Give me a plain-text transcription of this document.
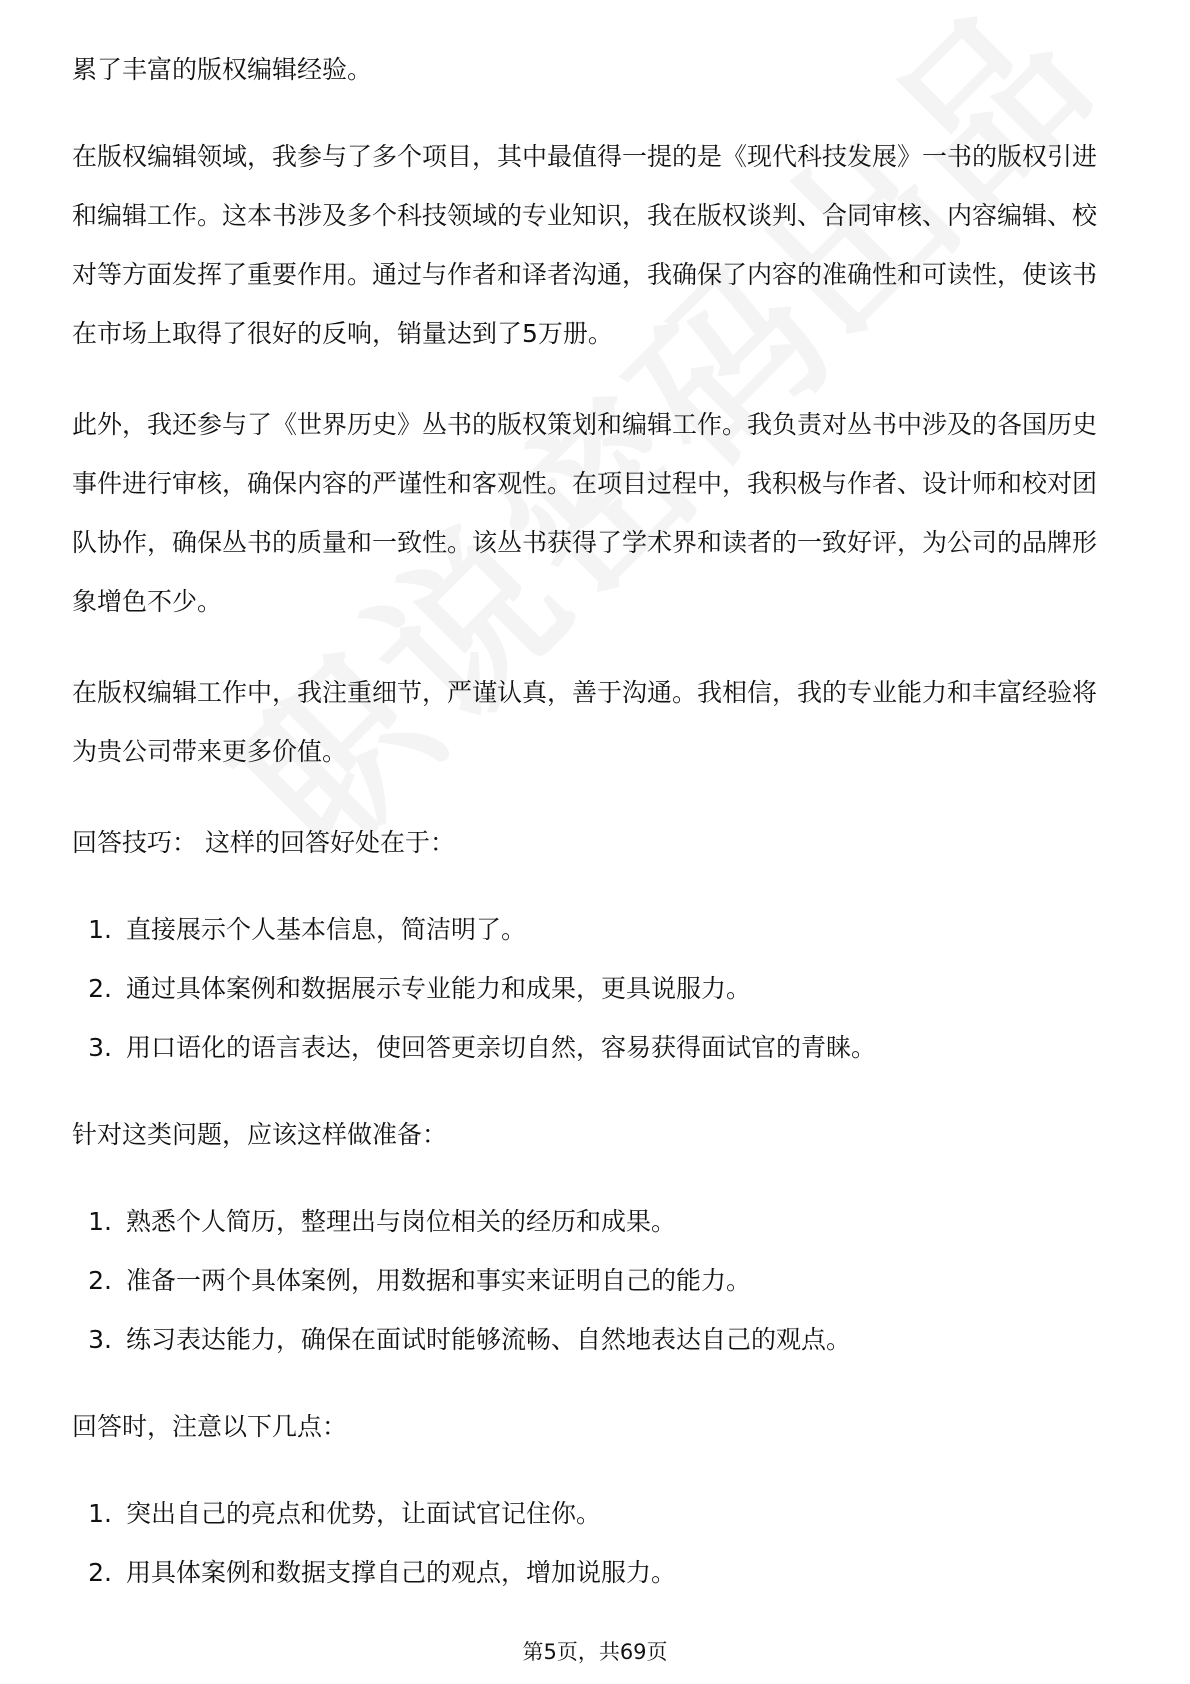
累了丰富的版权编辑经验。

在版权编辑领域，我参与了多个项目，其中最值得一提的是《现代科技发展》一书的版权引进和编辑工作。这本书涉及多个科技领域的专业知识，我在版权谈判、合同审核、内容编辑、校对等方面发挥了重要作用。通过与作者和译者沟通，我确保了内容的准确性和可读性，使该书在市场上取得了很好的反响，销量达到了5万册。

此外，我还参与了《世界历史》丛书的版权策划和编辑工作。我负责对丛书中涉及的各国历史事件进行审核，确保内容的严谨性和客观性。在项目过程中，我积极与作者、设计师和校对团队协作，确保丛书的质量和一致性。该丛书获得了学术界和读者的一致好评，为公司的品牌形象增色不少。

在版权编辑工作中，我注重细节，严谨认真，善于沟通。我相信，我的专业能力和丰富经验将为贵公司带来更多价值。

回答技巧： 这样的回答好处在于：
1. 直接展示个人基本信息，简洁明了。
2. 通过具体案例和数据展示专业能力和成果，更具说服力。
3. 用口语化的语言表达，使回答更亲切自然，容易获得面试官的青睐。
针对这类问题，应该这样做准备：
1. 熟悉个人简历，整理出与岗位相关的经历和成果。
2. 准备一两个具体案例，用数据和事实来证明自己的能力。
3. 练习表达能力，确保在面试时能够流畅、自然地表达自己的观点。
回答时，注意以下几点：
1. 突出自己的亮点和优势，让面试官记住你。
2. 用具体案例和数据支撑自己的观点，增加说服力。
第5页，共69页
